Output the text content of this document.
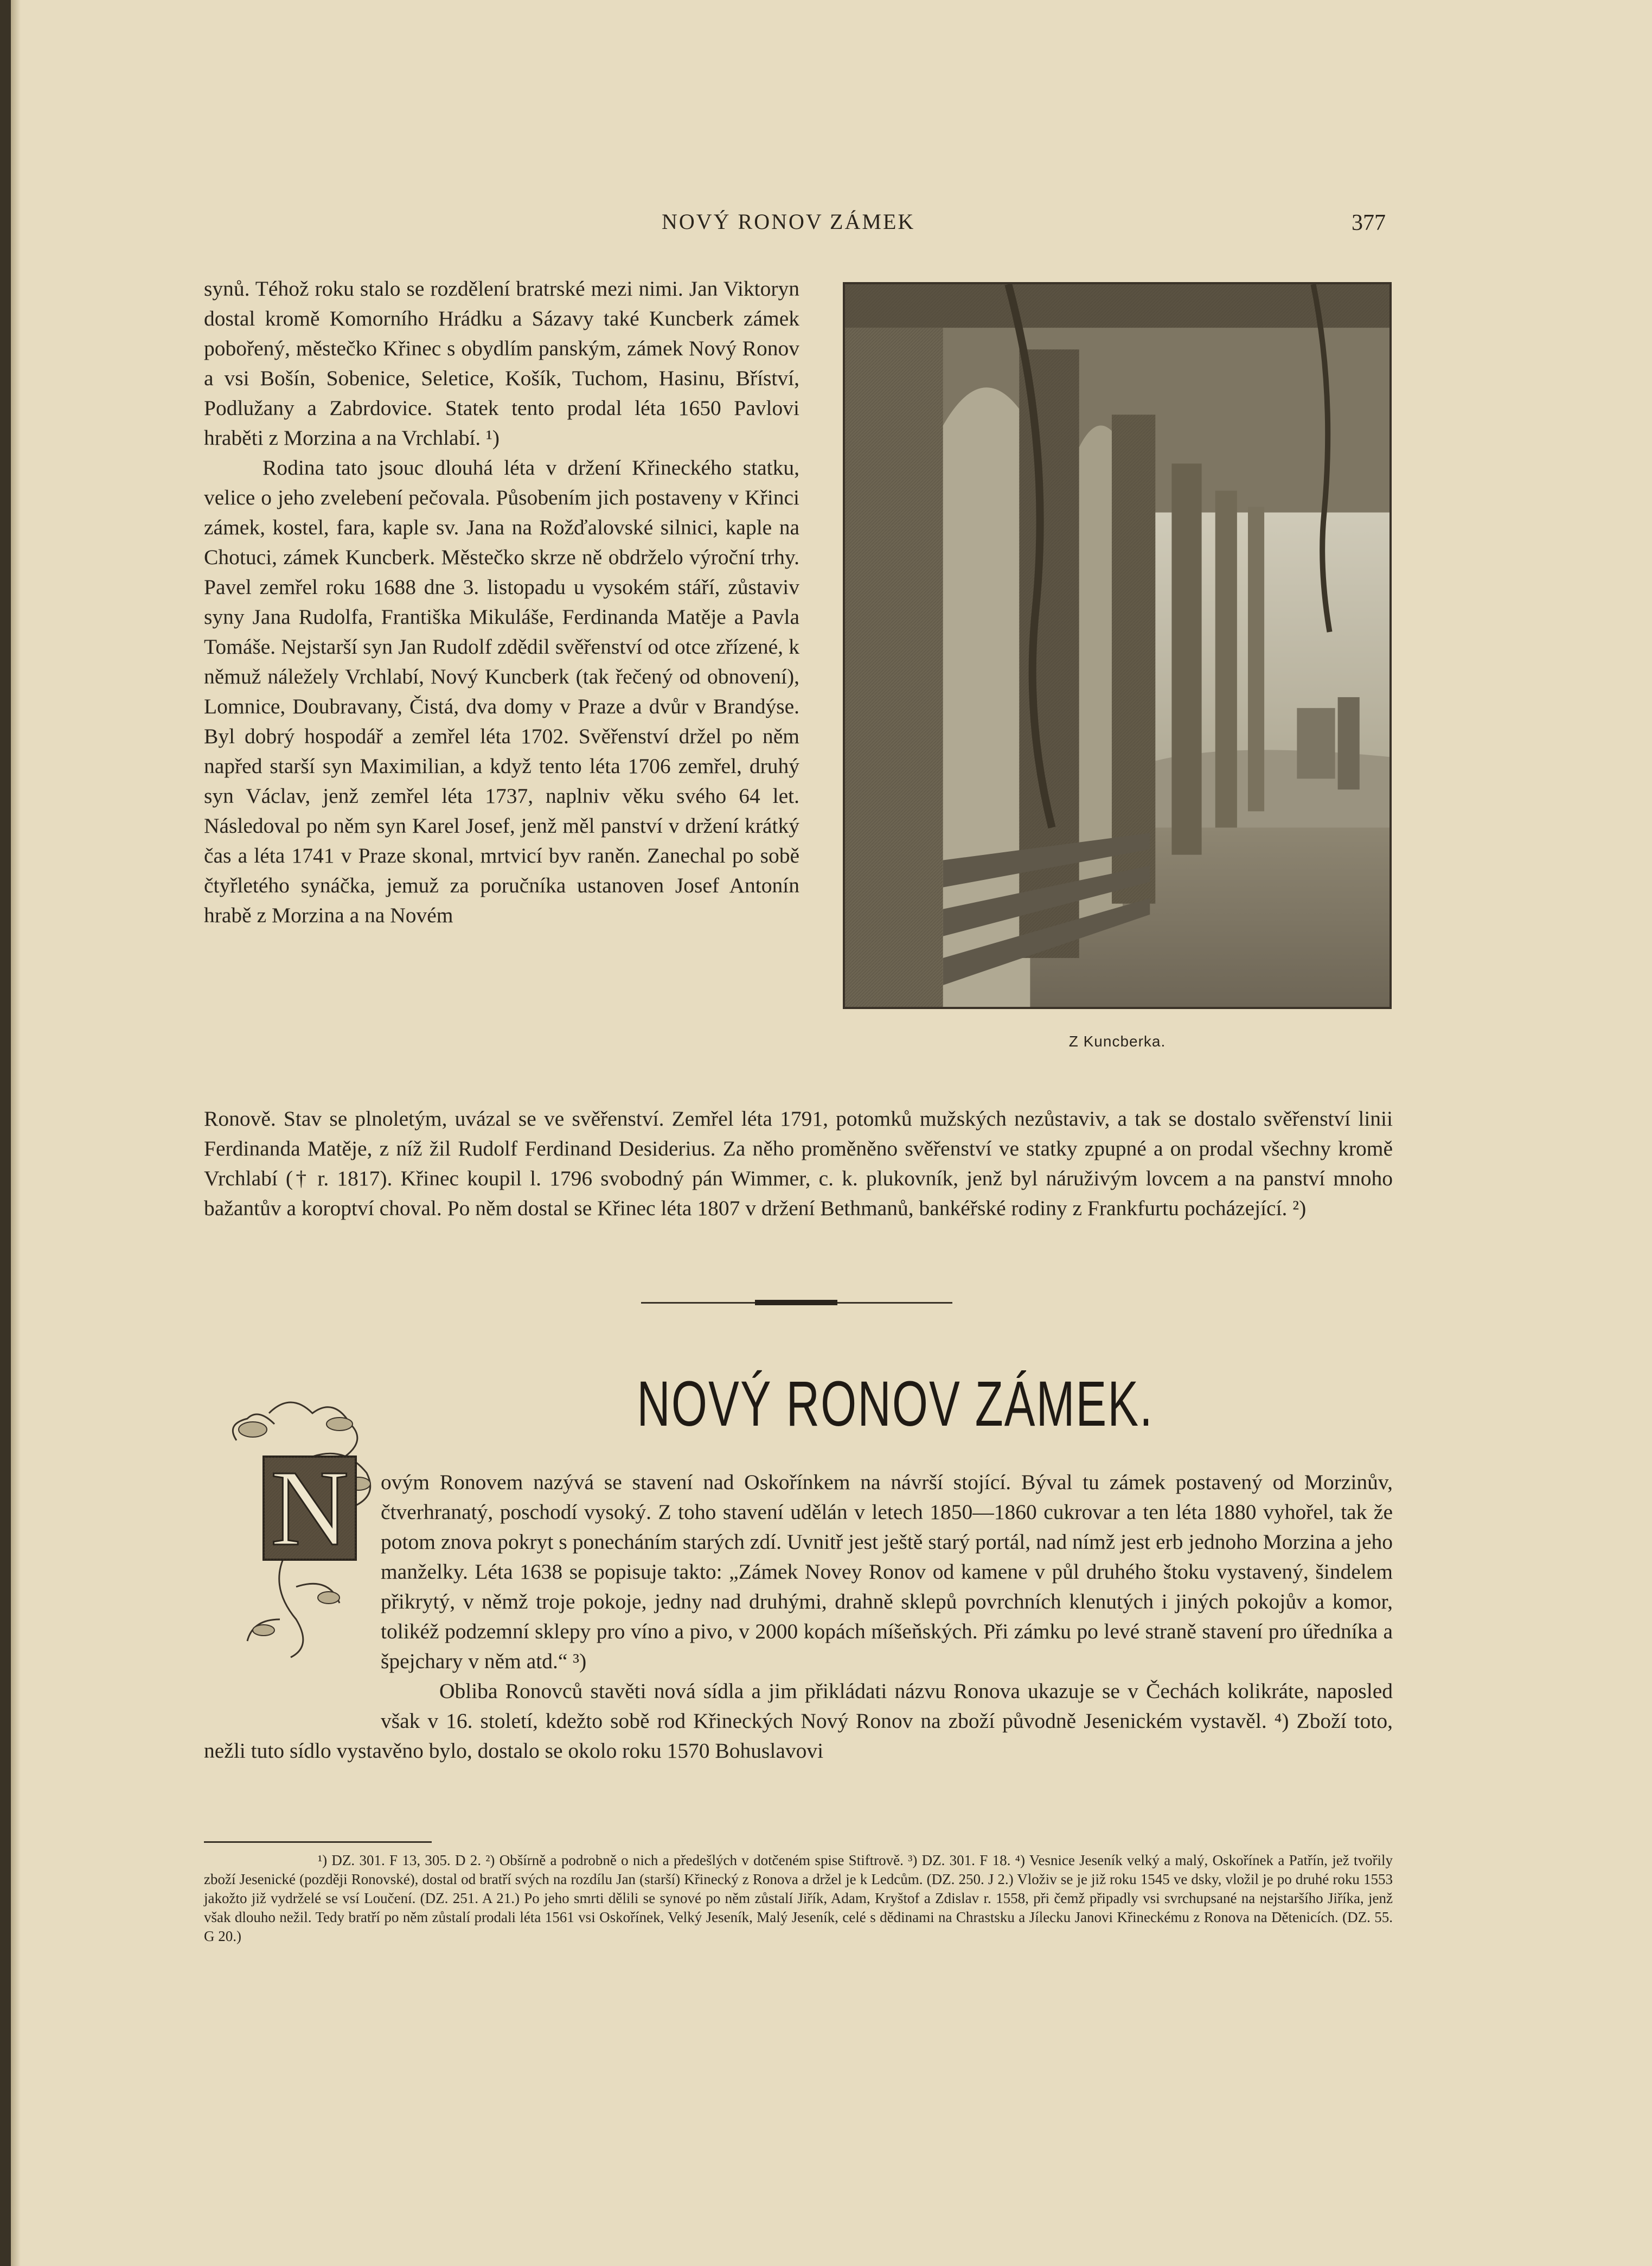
NOVÝ RONOV ZÁMEK	377

synů. Téhož roku stalo se rozdělení bratrské mezi nimi. Jan Viktoryn dostal kromě Komorního Hrádku a Sázavy také Kuncberk zámek pobořený, městečko Křinec s obydlím panským, zámek Nový Ronov a vsi Bošín, Sobenice, Seletice, Košík, Tuchom, Hasinu, Bříství, Podlužany a Zabrdovice. Statek tento prodal léta 1650 Pavlovi hraběti z Morzina a na Vrchlabí. ¹)

Rodina tato jsouc dlouhá léta v držení Křineckého statku, velice o jeho zvelebení pečovala. Působením jich postaveny v Křinci zámek, kostel, fara, kaple sv. Jana na Rožďalovské silnici, kaple na Chotuci, zámek Kuncberk. Městečko skrze ně obdrželo výroční trhy. Pavel zemřel roku 1688 dne 3. listopadu u vysokém stáří, zůstaviv syny Jana Rudolfa, Františka Mikuláše, Ferdinanda Matěje a Pavla Tomáše. Nejstarší syn Jan Rudolf zdědil svěřenství od otce zřízené, k němuž náležely Vrchlabí, Nový Kuncberk (tak řečený od obnovení), Lomnice, Doubravany, Čistá, dva domy v Praze a dvůr v Brandýse. Byl dobrý hospodář a zemřel léta 1702. Svěřenství držel po něm napřed starší syn Maximilian, a když tento léta 1706 zemřel, druhý syn Václav, jenž zemřel léta 1737, naplniv věku svého 64 let. Následoval po něm syn Karel Josef, jenž měl panství v držení krátký čas a léta 1741 v Praze skonal, mrtvicí byv raněn. Zanechal po sobě čtyřletého synáčka, jemuž za poručníka ustanoven Josef Antonín hrabě z Morzina a na Novém

Z Kuncberka.

Ronově. Stav se plnoletým, uvázal se ve svěřenství. Zemřel léta 1791, potomků mužských nezůstaviv, a tak se dostalo svěřenství linii Ferdinanda Matěje, z níž žil Rudolf Ferdinand Desiderius. Za něho proměněno svěřenství ve statky zpupné a on prodal všechny kromě Vrchlabí († r. 1817). Křinec koupil l. 1796 svobodný pán Wimmer, c. k. plukovník, jenž byl náruživým lovcem a na panství mnoho bažantův a koroptví choval. Po něm dostal se Křinec léta 1807 v držení Bethmanů, bankéřské rodiny z Frankfurtu pocházející. ²)

NOVÝ RONOV ZÁMEK.
N	ovým Ronovem nazývá se stavení nad Oskořínkem na návrší stojící. Býval tu zámek postavený od Morzinův, čtverhranatý, poschodí vysoký. Z toho stavení udělán v letech 1850—1860 cukrovar a ten léta 1880 vyhořel, tak že potom znova pokryt s ponecháním starých zdí. Uvnitř jest ještě starý portál, nad nímž jest erb jednoho Morzina a jeho manželky. Léta 1638 se popisuje takto: „Zámek Novey Ronov od kamene v půl druhého štoku vystavený, šindelem přikrytý, v němž troje pokoje, jedny nad druhými, drahně sklepů povrchních klenutých i jiných pokojův a komor, tolikéž podzemní sklepy pro víno a pivo, v 2000 kopách míšeňských. Při zámku po levé straně stavení pro úředníka a špejchary v něm atd.“ ³)

Obliba Ronovců stavěti nová sídla a jim přikládati názvu Ronova ukazuje se v Čechách kolikráte, naposled však v 16. století, kdežto sobě rod Křineckých Nový Ronov na zboží původně Jesenickém vystavěl. ⁴) Zboží toto, nežli tuto sídlo vystavěno bylo, dostalo se okolo roku 1570 Bohuslavovi

¹) DZ. 301. F 13, 305. D 2. ²) Obšírně a podrobně o nich a předešlých v dotčeném spise Stiftrově. ³) DZ. 301. F 18. ⁴) Vesnice Jeseník velký a malý, Oskořínek a Patřín, jež tvořily zboží Jesenické (později Ronovské), dostal od bratří svých na rozdílu Jan (starší) Křinecký z Ronova a držel je k Ledcům. (DZ. 250. J 2.) Vloživ se je již roku 1545 ve dsky, vložil je po druhé roku 1553 jakožto již vydrželé se vsí Loučení. (DZ. 251. A 21.) Po jeho smrti dělili se synové po něm zůstalí Jiřík, Adam, Kryštof a Zdislav r. 1558, při čemž připadly vsi svrchupsané na nejstaršího Jiříka, jenž však dlouho nežil. Tedy bratří po něm zůstalí prodali léta 1561 vsi Oskořínek, Velký Jeseník, Malý Jeseník, celé s dědinami na Chrastsku a Jílecku Janovi Křineckému z Ronova na Dětenicích. (DZ. 55. G 20.)
